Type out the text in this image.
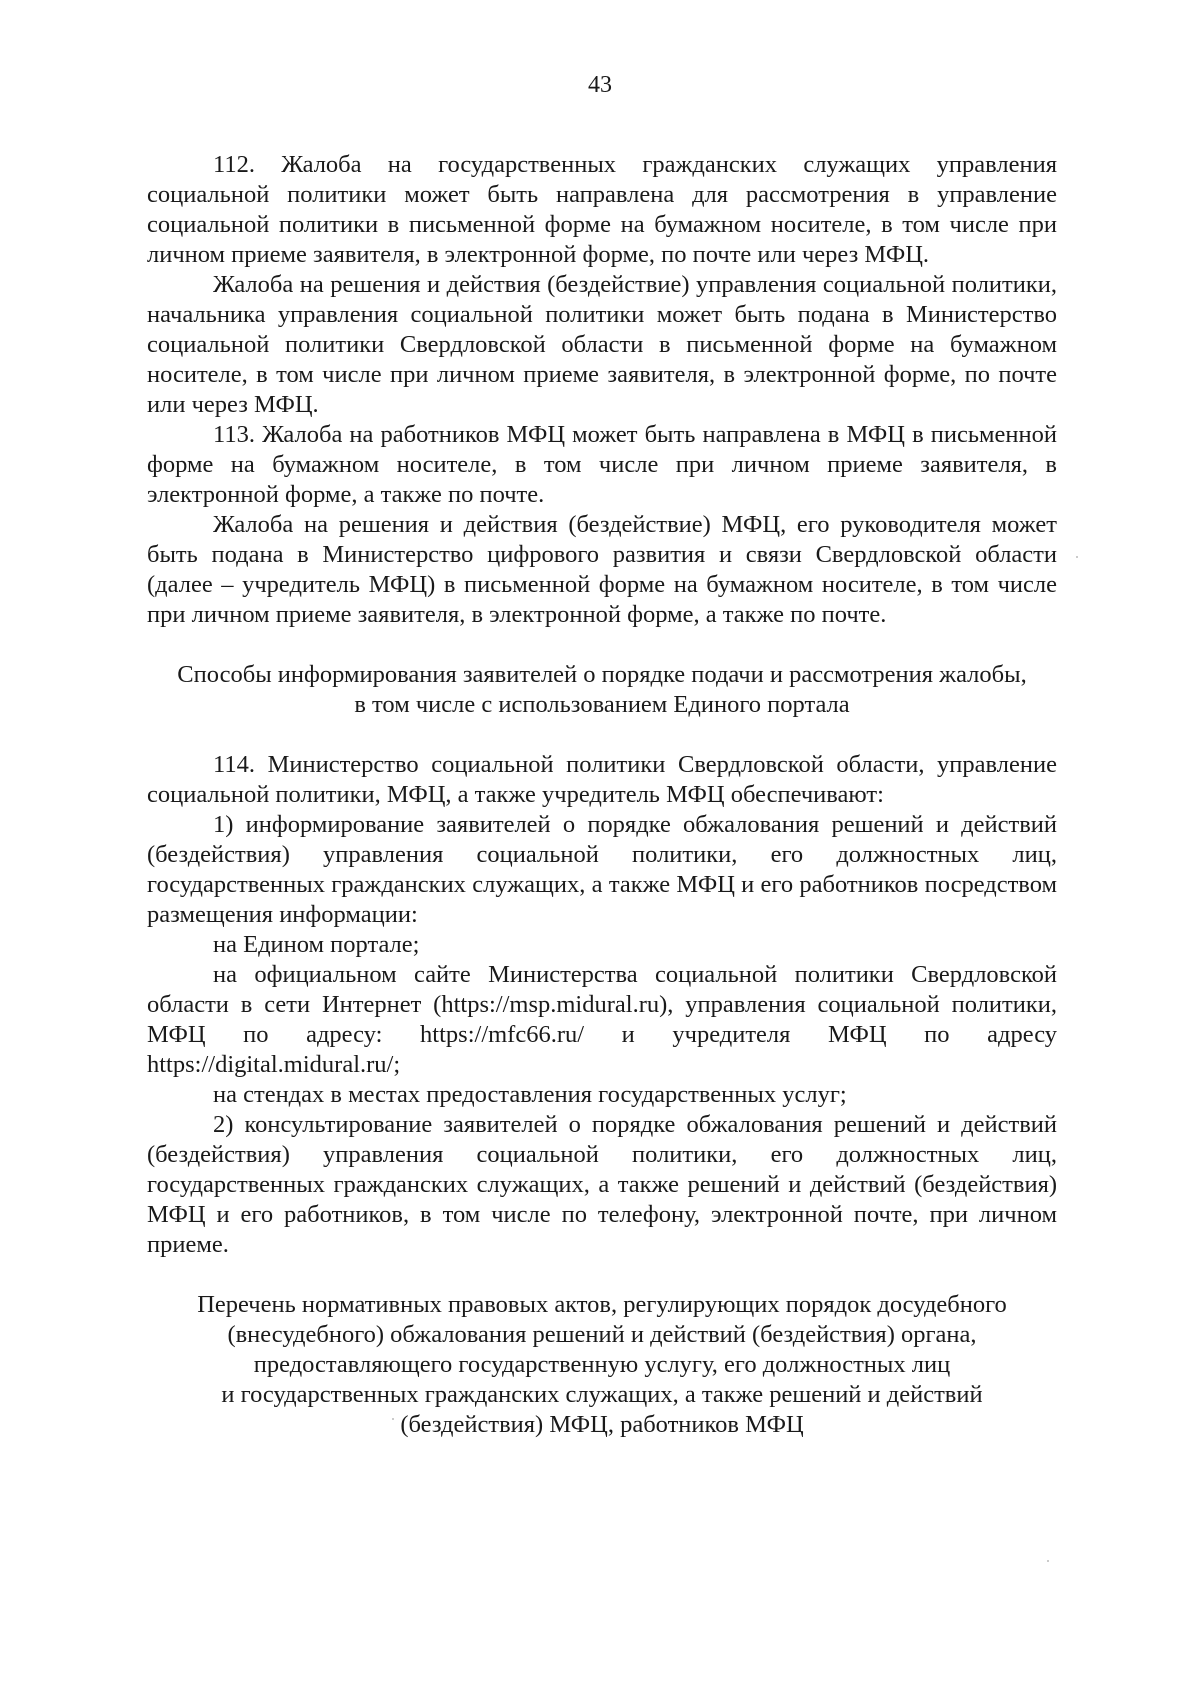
43

112. Жалоба на государственных гражданских служащих управления социальной политики может быть направлена для рассмотрения в управление социальной политики в письменной форме на бумажном носителе, в том числе при личном приеме заявителя, в электронной форме, по почте или через МФЦ.

Жалоба на решения и действия (бездействие) управления социальной политики, начальника управления социальной политики может быть подана в Министерство социальной политики Свердловской области в письменной форме на бумажном носителе, в том числе при личном приеме заявителя, в электронной форме, по почте или через МФЦ.

113. Жалоба на работников МФЦ может быть направлена в МФЦ в письменной форме на бумажном носителе, в том числе при личном приеме заявителя, в электронной форме, а также по почте.

Жалоба на решения и действия (бездействие) МФЦ, его руководителя может быть подана в Министерство цифрового развития и связи Свердловской области (далее – учредитель МФЦ) в письменной форме на бумажном носителе, в том числе при личном приеме заявителя, в электронной форме, а также по почте.

Способы информирования заявителей о порядке подачи и рассмотрения жалобы,
в том числе с использованием Единого портала

114. Министерство социальной политики Свердловской области, управление социальной политики, МФЦ, а также учредитель МФЦ обеспечивают:

1) информирование заявителей о порядке обжалования решений и действий (бездействия) управления социальной политики, его должностных лиц, государственных гражданских служащих, а также МФЦ и его работников посредством размещения информации:

на Едином портале;

на официальном сайте Министерства социальной политики Свердловской области в сети Интернет (https://msp.midural.ru), управления социальной политики, МФЦ по адресу: https://mfc66.ru/ и учредителя МФЦ по адресу https://digital.midural.ru/;

на стендах в местах предоставления государственных услуг;

2) консультирование заявителей о порядке обжалования решений и действий (бездействия) управления социальной политики, его должностных лиц, государственных гражданских служащих, а также решений и действий (бездействия) МФЦ и его работников, в том числе по телефону, электронной почте, при личном приеме.

Перечень нормативных правовых актов, регулирующих порядок досудебного
(внесудебного) обжалования решений и действий (бездействия) органа,
предоставляющего государственную услугу, его должностных лиц
и государственных гражданских служащих, а также решений и действий
(бездействия) МФЦ, работников МФЦ
